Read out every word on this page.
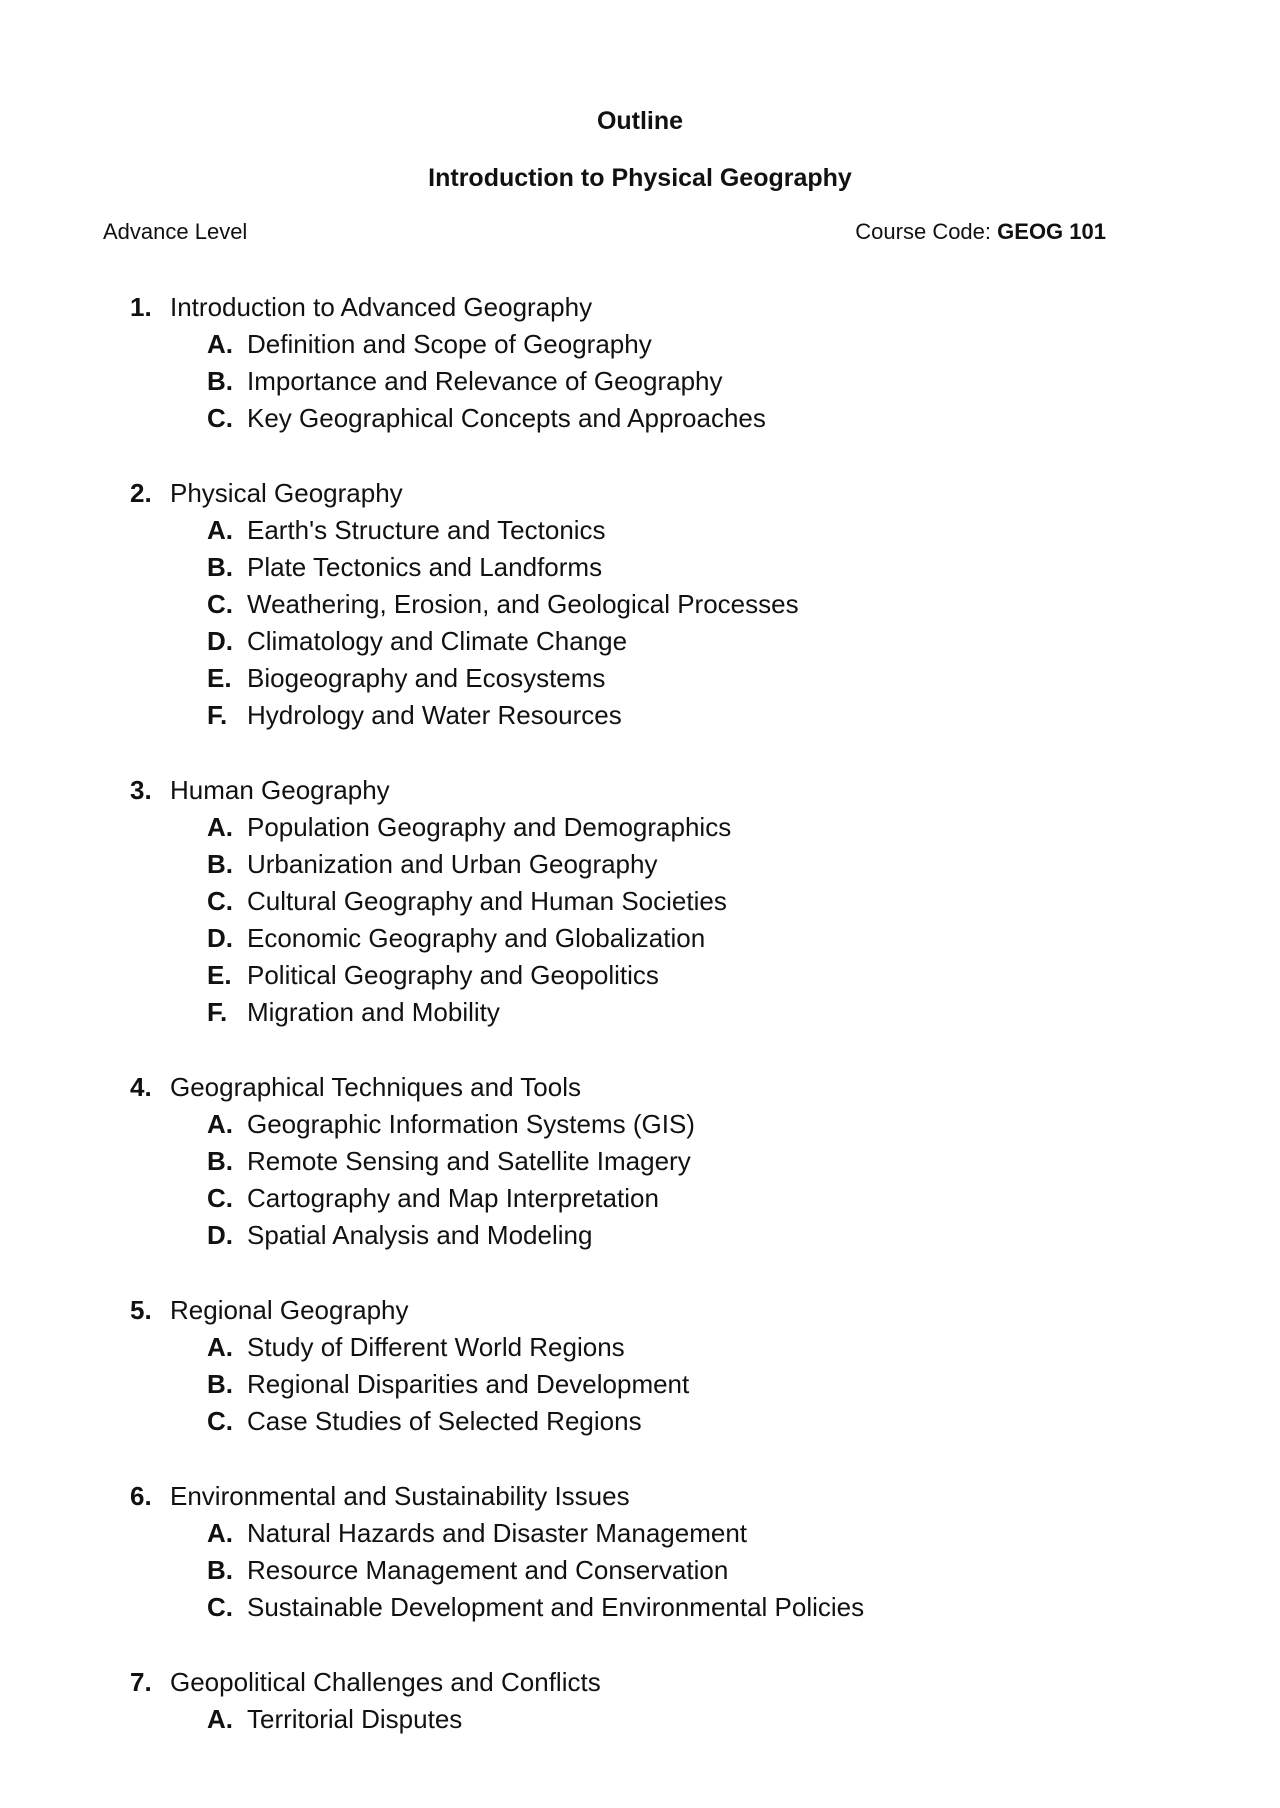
Outline
Introduction to Physical Geography
Advance Level	Course Code: GEOG 101
1. Introduction to Advanced Geography
A. Definition and Scope of Geography
B. Importance and Relevance of Geography
C. Key Geographical Concepts and Approaches
2. Physical Geography
A. Earth's Structure and Tectonics
B. Plate Tectonics and Landforms
C. Weathering, Erosion, and Geological Processes
D. Climatology and Climate Change
E. Biogeography and Ecosystems
F. Hydrology and Water Resources
3. Human Geography
A. Population Geography and Demographics
B. Urbanization and Urban Geography
C. Cultural Geography and Human Societies
D. Economic Geography and Globalization
E. Political Geography and Geopolitics
F. Migration and Mobility
4. Geographical Techniques and Tools
A. Geographic Information Systems (GIS)
B. Remote Sensing and Satellite Imagery
C. Cartography and Map Interpretation
D. Spatial Analysis and Modeling
5. Regional Geography
A. Study of Different World Regions
B. Regional Disparities and Development
C. Case Studies of Selected Regions
6. Environmental and Sustainability Issues
A. Natural Hazards and Disaster Management
B. Resource Management and Conservation
C. Sustainable Development and Environmental Policies
7. Geopolitical Challenges and Conflicts
A. Territorial Disputes
